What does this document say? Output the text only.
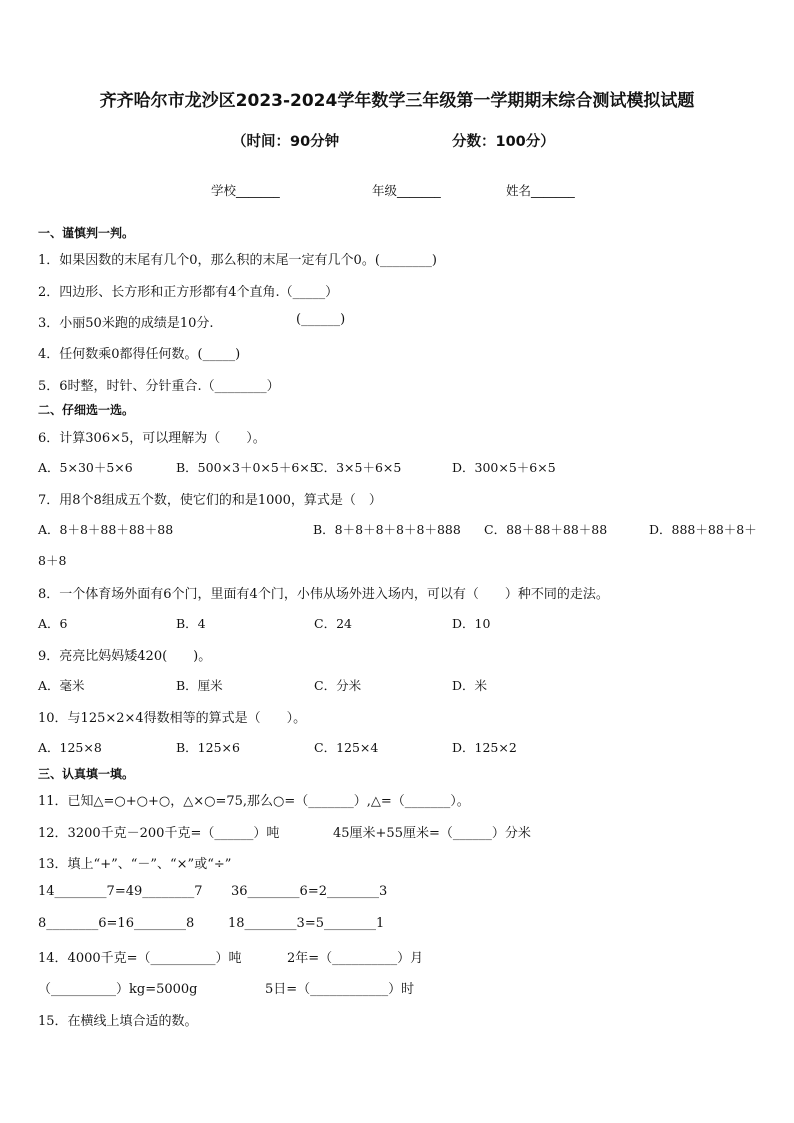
齐齐哈尔市龙沙区2023-2024学年数学三年级第一学期期末综合测试模拟试题
（时间：90分钟	分数：100分）
学校_______	年级_______	姓名_______
一、谨慎判一判。
1．如果因数的末尾有几个0，那么积的末尾一定有几个0。(________)
2．四边形、长方形和正方形都有4个直角.（_____）
3．小丽50米跑的成绩是10分.	(______)
4．任何数乘0都得任何数。(_____)
5．6时整，时针、分针重合.（________）
二、仔细选一选。
6．计算306×5，可以理解为（　　）。
A．5×30＋5×6	B．500×3＋0×5＋6×5
C．3×5＋6×5	D．300×5＋6×5
7．用8个8组成五个数，使它们的和是1000，算式是（　）
A．8＋8＋88＋88＋88	B．8＋8＋8＋8＋8＋888 C．88＋88＋88＋88	D．888＋88＋8＋
8＋8
8．一个体育场外面有6个门，里面有4个门，小伟从场外进入场内，可以有（　　）种不同的走法。
A．6	B．4	C．24	D．10
9．亮亮比妈妈矮420(　　)。
A．毫米	B．厘米	C．分米	D．米
10．与125×2×4得数相等的算式是（　　）。
A．125×8	B．125×6	C．125×4	D．125×2
三、认真填一填。
11．已知△=○+○+○，△×○=75,那么○=（_______）,△=（_______）。
12．3200千克－200千克=（______）吨	45厘米+55厘米=（______）分米
13．填上“+”、“－”、“×”或“÷”
14________7=49________7 36________6=2________3
8________6=16________8	18________3=5________1
14．4000千克=（__________）吨	2年=（__________）月
（__________）kg=5000g	5日=（____________）时
15．在横线上填合适的数。
